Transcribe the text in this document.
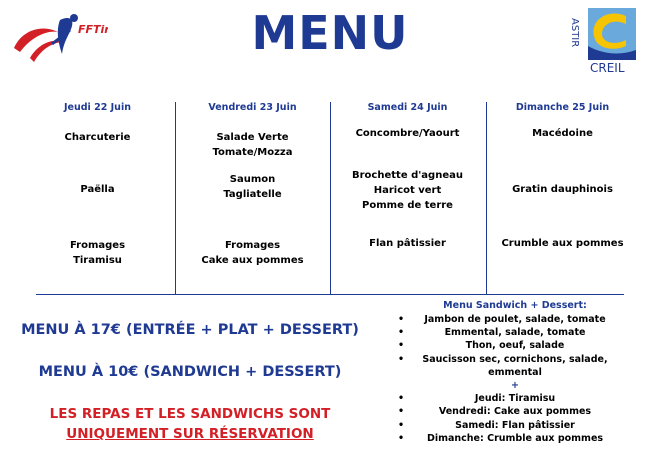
FFTir	MENU	ASTIR
CREIL
Jeudi 22 Juin
Charcuterie
Paëlla
Fromages
Tiramisu
Vendredi 23 Juin
Salade Verte
Tomate/Mozza
Saumon
Tagliatelle
Fromages
Cake aux pommes
Samedi 24 Juin
Concombre/Yaourt
Brochette d'agneau
Haricot vert
Pomme de terre
Flan pâtissier
Dimanche 25 Juin
Macédoine
Gratin dauphinois
Crumble aux pommes
MENU À 17€ (ENTRÉE + PLAT + DESSERT)
MENU À 10€ (SANDWICH + DESSERT)
LES REPAS ET LES SANDWICHS SONT
UNIQUEMENT SUR RÉSERVATION
Menu Sandwich + Dessert:
• Jambon de poulet, salade, tomate
• Emmental, salade, tomate
• Thon, oeuf, salade
• Saucisson sec, cornichons, salade,
emmental
+
• Jeudi: Tiramisu
• Vendredi: Cake aux pommes
• Samedi: Flan pâtissier
• Dimanche: Crumble aux pommes
